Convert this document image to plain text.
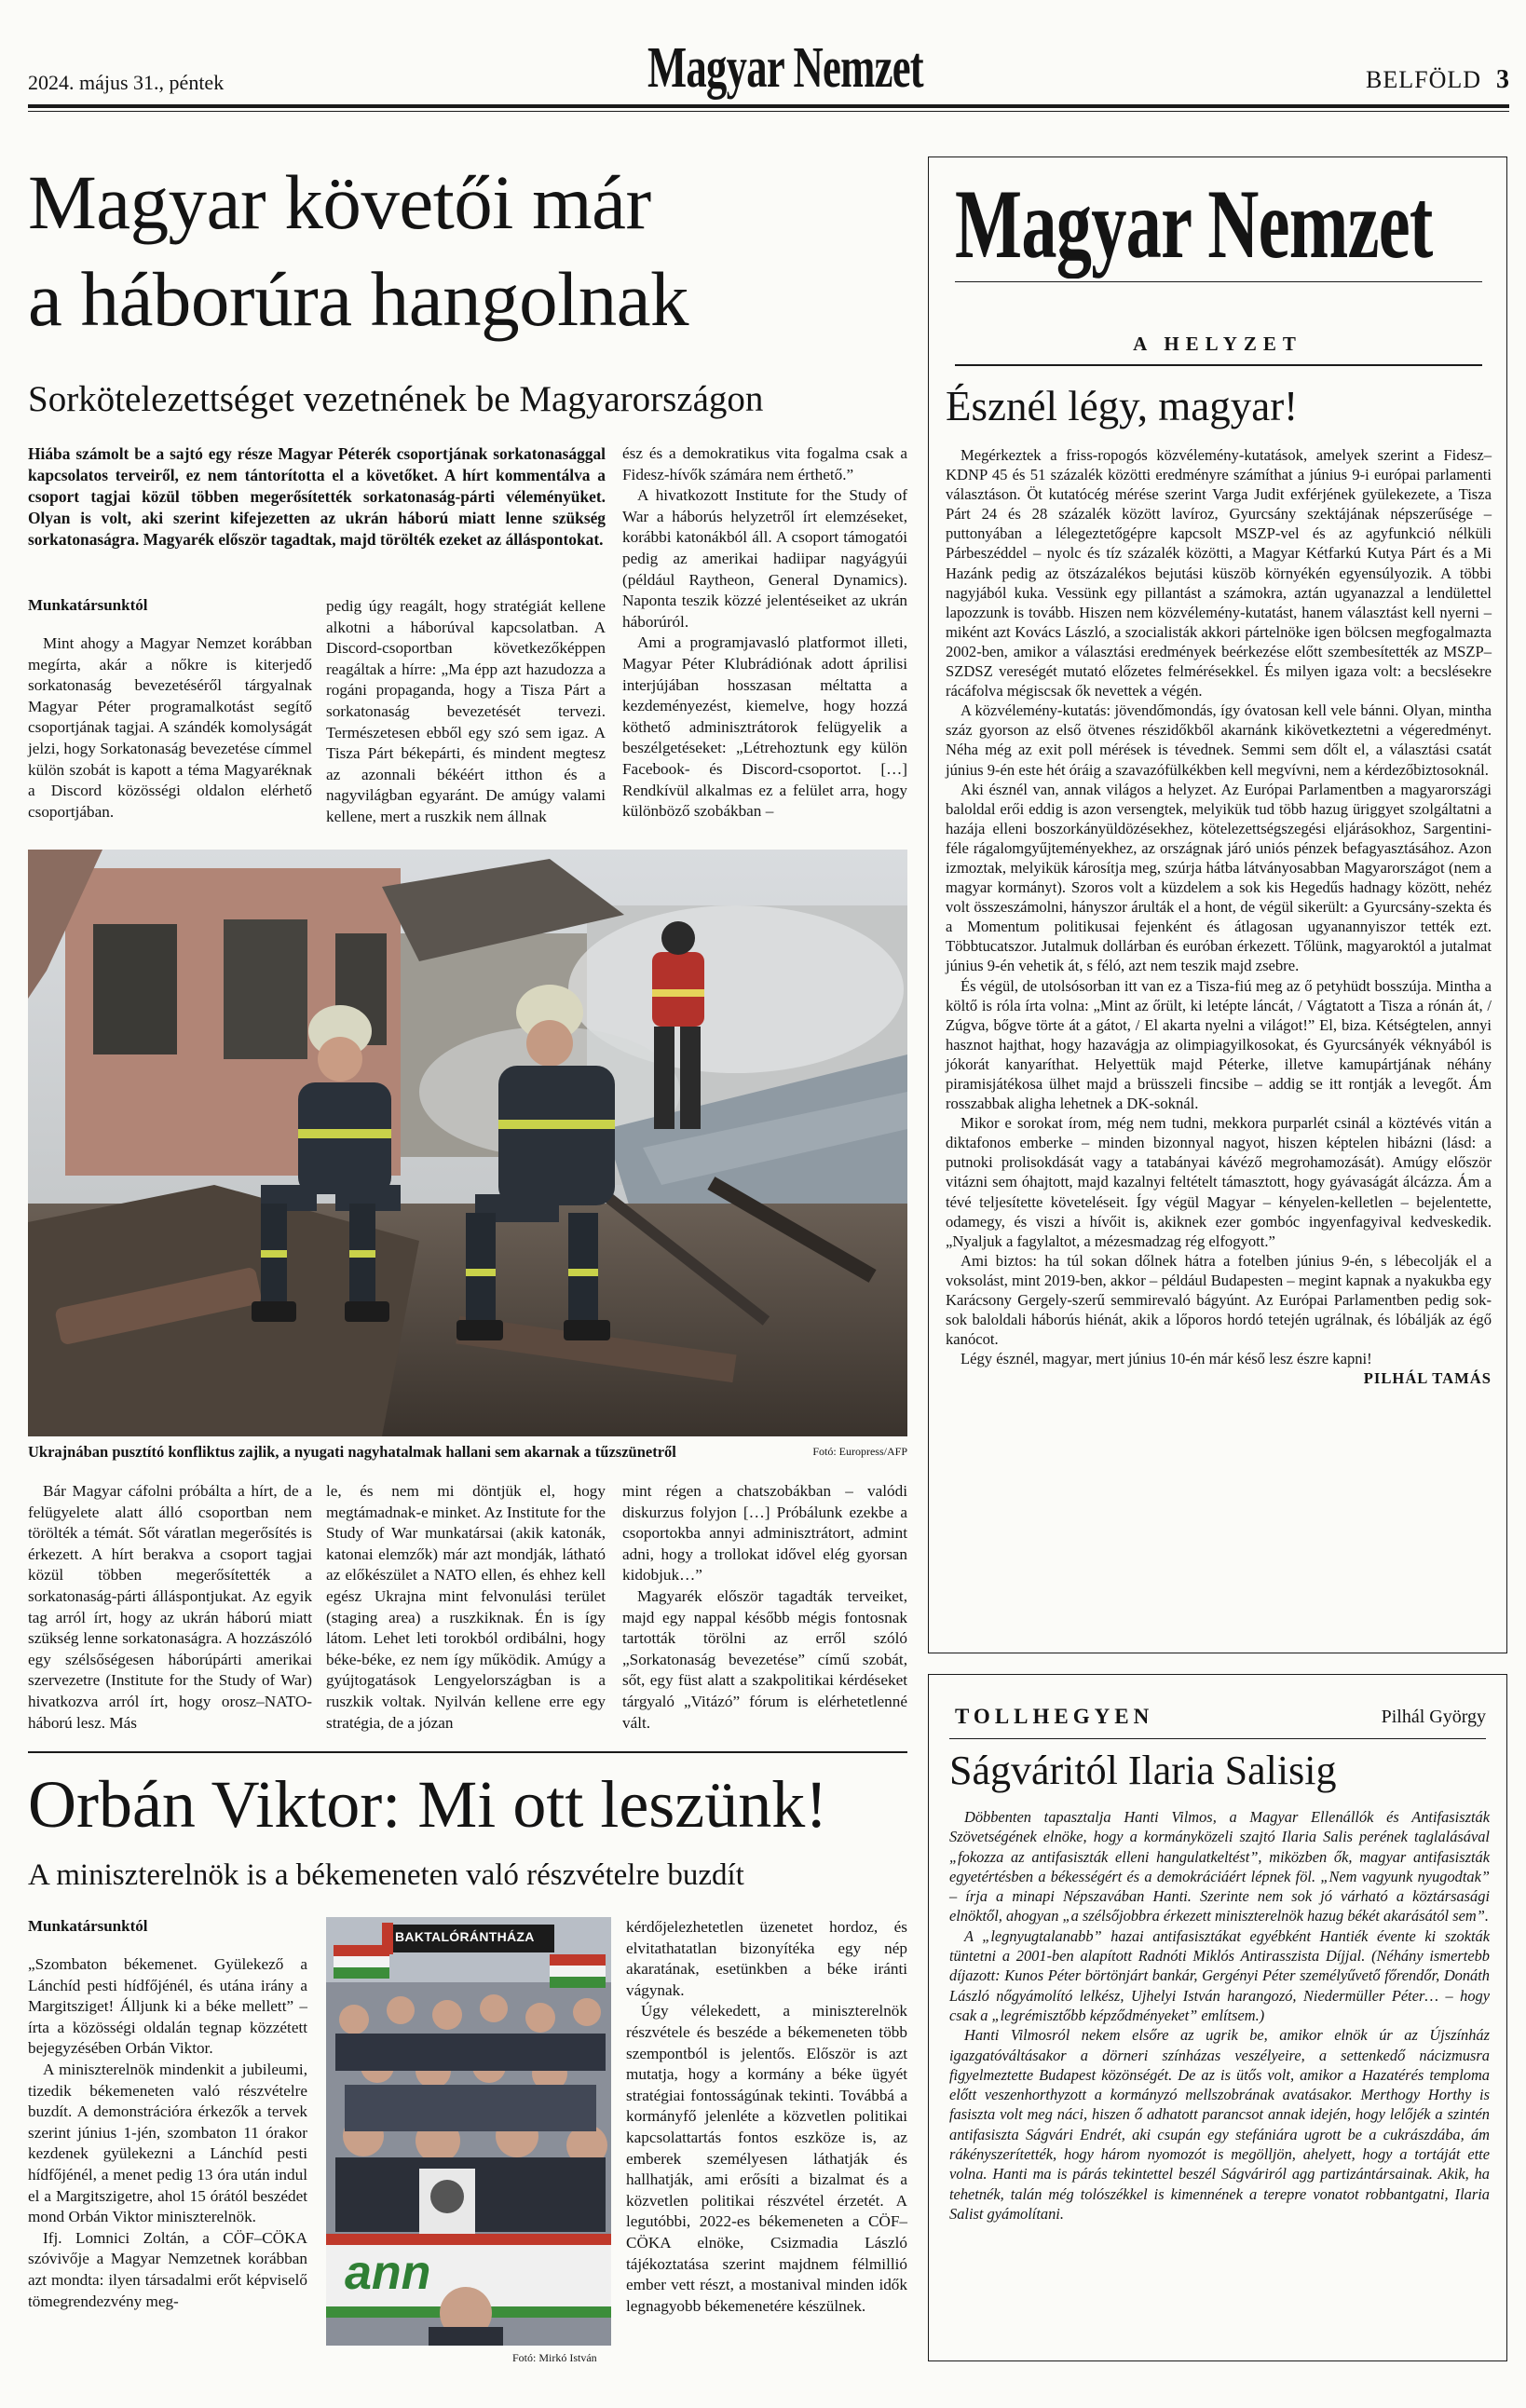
2024. május 31., péntek	Magyar Nemzet	BELFÖLD 3
Magyar követői már
a háborúra hangolnak
Sorkötelezettséget vezetnének be Magyarországon
Hiába számolt be a sajtó egy része Magyar Péterék csoportjának sorkatonasággal kapcsolatos terveiről, ez nem tántorította el a követőket. A hírt kommentálva a csoport tagjai közül többen megerősítették sorkatonaság-párti véleményüket. Olyan is volt, aki szerint kifejezetten az ukrán háború miatt lenne szükség sorkatonaságra. Magyarék először tagadtak, majd törölték ezeket az álláspontokat.
Munkatársunktól

Mint ahogy a Magyar Nemzet korábban megírta, akár a nőkre is kiterjedő sorkatonaság bevezetéséről tárgyalnak Magyar Péter programalkotást segítő csoportjának tagjai. A szándék komolyságát jelzi, hogy Sorkatonaság bevezetése címmel külön szobát is kapott a téma Magyaréknak a Discord közösségi oldalon elérhető csoportjában.

pedig úgy reagált, hogy stratégiát kellene alkotni a háborúval kapcsolatban. A Discord-csoportban következőképpen reagáltak a hírre: „Ma épp azt hazudozza a rogáni propaganda, hogy a Tisza Párt a sorkatonaság bevezetését tervezi. Természetesen ebből egy szó sem igaz. A Tisza Párt békepárti, és mindent megtesz az azonnali békéért itthon és a nagyvilágban egyaránt. De amúgy valami kellene, mert a ruszkik nem állnak

ész és a demokratikus vita fogalma csak a Fidesz-hívők számára nem érthető.”

A hivatkozott Institute for the Study of War a háborús helyzetről írt elemzéseket, korábbi katonákból áll. A csoport támogatói pedig az amerikai hadiipar nagyágyúi (például Raytheon, General Dynamics). Naponta teszik közzé jelentéseiket az ukrán háborúról.

Ami a programjavasló platformot illeti, Magyar Péter Klubrádiónak adott áprilisi interjújában hosszasan méltatta a kezdeményezést, kiemelve, hogy hozzá köthető adminisztrátorok felügyelik a beszélgetéseket: „Létrehoztunk egy külön Facebook- és Discord-csoportot. […] Rendkívül alkalmas ez a felület arra, hogy különböző szobákban –

Ukrajnában pusztító konfliktus zajlik, a nyugati nagyhatalmak hallani sem akarnak a tűzszünetről	Fotó: Europress/AFP

Bár Magyar cáfolni próbálta a hírt, de a felügyelete alatt álló csoportban nem törölték a témát. Sőt váratlan megerősítés is érkezett. A hírt berakva a csoport tagjai közül többen megerősítették a sorkatonaság-párti álláspontjukat. Az egyik tag arról írt, hogy az ukrán háború miatt szükség lenne sorkatonaságra. A hozzászóló egy szélsőségesen háborúpárti amerikai szervezetre (Institute for the Study of War) hivatkozva arról írt, hogy orosz–NATO-háború lesz. Más

le, és nem mi döntjük el, hogy megtámadnak-e minket. Az Institute for the Study of War munkatársai (akik katonák, katonai elemzők) már azt mondják, látható az előkészület a NATO ellen, és ehhez kell egész Ukrajna mint felvonulási terület (staging area) a ruszkiknak. Én is így látom. Lehet leti torokból ordibálni, hogy béke-béke, ez nem így működik. Amúgy a gyújtogatások Lengyelországban is a ruszkik voltak. Nyilván kellene erre egy stratégia, de a józan

mint régen a chatszobákban – valódi diskurzus folyjon […] Próbálunk ezekbe a csoportokba annyi adminisztrátort, admint adni, hogy a trollokat idővel elég gyorsan kidobjuk…”

Magyarék először tagadták terveiket, majd egy nappal később mégis fontosnak tartották törölni az erről szóló „Sorkatonaság bevezetése” című szobát, sőt, egy füst alatt a szakpolitikai kérdéseket tárgyaló „Vitázó” fórum is elérhetetlenné vált.

Orbán Viktor: Mi ott leszünk!
A miniszterelnök is a békemeneten való részvételre buzdít
Munkatársunktól

„Szombaton békemenet. Gyülekező a Lánchíd pesti hídfőjénél, és utána irány a Margitsziget! Álljunk ki a béke mellett” – írta a közösségi oldalán tegnap közzétett bejegyzésében Orbán Viktor.

A miniszterelnök mindenkit a jubileumi, tizedik békemeneten való részvételre buzdít. A demonstrációra érkezők a tervek szerint június 1-jén, szombaton 11 órakor kezdenek gyülekezni a Lánchíd pesti hídfőjénél, a menet pedig 13 óra után indul el a Margitszigetre, ahol 15 órától beszédet mond Orbán Viktor miniszterelnök.

Ifj. Lomnici Zoltán, a CÖF–CÖKA szóvivője a Magyar Nemzetnek korábban azt mondta: ilyen társadalmi erőt képviselő tömegrendezvény meg-

BAKTALÓRÁNTHÁZA
ann
Fotó: Mirkó István

kérdőjelezhetetlen üzenetet hordoz, és elvitathatatlan bizonyítéka egy nép akaratának, esetünkben a béke iránti vágynak.

Úgy vélekedett, a miniszterelnök részvétele és beszéde a békemeneten több szempontból is jelentős. Először is azt mutatja, hogy a kormány a béke ügyét stratégiai fontosságúnak tekinti. Továbbá a kormányfő jelenléte a közvetlen politikai kapcsolattartás fontos eszköze is, az emberek személyesen láthatják és hallhatják, ami erősíti a bizalmat és a közvetlen politikai részvétel érzetét. A legutóbbi, 2022-es békemeneten a CÖF–CÖKA elnöke, Csizmadia László tájékoztatása szerint majdnem félmillió ember vett részt, a mostanival minden idők legnagyobb békemenetére készülnek.

Magyar Nemzet
A HELYZET
Észnél légy, magyar!

Megérkeztek a friss-ropogós közvélemény-kutatások, amelyek szerint a Fidesz–KDNP 45 és 51 százalék közötti eredményre számíthat a június 9-i európai parlamenti választáson. Öt kutatócég mérése szerint Varga Judit exférjének gyülekezete, a Tisza Párt 24 és 28 százalék között lavíroz, Gyurcsány szektájának népszerűsége – puttonyában a lélegeztetőgépre kapcsolt MSZP-vel és az agyfunkció nélküli Párbeszéddel – nyolc és tíz százalék közötti, a Magyar Kétfarkú Kutya Párt és a Mi Hazánk pedig az ötszázalékos bejutási küszöb környékén egyensúlyozik. A többi nagyjából kuka. Vessünk egy pillantást a számokra, aztán ugyanazzal a lendülettel lapozzunk is tovább. Hiszen nem közvélemény-kutatást, hanem választást kell nyerni – miként azt Kovács László, a szocialisták akkori pártelnöke igen bölcsen megfogalmazta 2002-ben, amikor a választási eredmények beérkezése előtt szembesítették az MSZP–SZDSZ vereségét mutató előzetes felmérésekkel. És milyen igaza volt: a becslésekre rácáfolva mégiscsak ők nevettek a végén.

A közvélemény-kutatás: jövendőmondás, így óvatosan kell vele bánni. Olyan, mintha száz gyorson az első ötvenes részidőkből akarnánk kikövetkeztetni a végeredményt. Néha még az exit poll mérések is tévednek. Semmi sem dőlt el, a választási csatát június 9-én este hét óráig a szavazófülkékben kell megvívni, nem a kérdezőbiztosoknál.

Aki észnél van, annak világos a helyzet. Az Európai Parlamentben a magyarországi baloldal erői eddig is azon versengtek, melyikük tud több hazug üriggyet szolgáltatni a hazája elleni boszorkányüldözésekhez, kötelezettségszegési eljárásokhoz, Sargentini-féle rágalomgyűjteményekhez, az országnak járó uniós pénzek befagyasztásához. Azon izmoztak, melyikük károsítja meg, szúrja hátba látványosabban Magyarországot (nem a magyar kormányt). Szoros volt a küzdelem a sok kis Hegedűs hadnagy között, nehéz volt összeszámolni, hányszor árulták el a hont, de végül sikerült: a Gyurcsány-szekta és a Momentum politikusai fejenként és átlagosan ugyanannyiszor tették ezt. Többtucatszor. Jutalmuk dollárban és euróban érkezett. Tőlünk, magyaroktól a jutalmat június 9-én vehetik át, s féló, azt nem teszik majd zsebre.

És végül, de utolsósorban itt van ez a Tisza-fiú meg az ő petyhüdt bosszúja. Mintha a költő is róla írta volna: „Mint az őrült, ki letépte láncát, / Vágtatott a Tisza a rónán át, / Zúgva, bőgve törte át a gátot, / El akarta nyelni a világot!” El, biza. Kétségtelen, annyi hasznot hajthat, hogy hazavágja az olimpiagyilkosokat, és Gyurcsányék véknyából is jókorát kanyaríthat. Helyettük majd Péterke, illetve kamupártjának néhány piramisjátékosa ülhet majd a brüsszeli fincsibe – addig se itt rontják a levegőt. Ám rosszabbak aligha lehetnek a DK-soknál.

Mikor e sorokat írom, még nem tudni, mekkora purparlét csinál a köztévés vitán a diktafonos emberke – minden bizonnyal nagyot, hiszen képtelen hibázni (lásd: a putnoki prolisokdását vagy a tatabányai kávéző megrohamozását). Amúgy először vitázni sem óhajtott, majd kazalnyi feltételt támasztott, hogy gyávaságát álcázza. Ám a tévé teljesítette követeléseit. Így végül Magyar – kényelen-kelletlen – bejelentette, odamegy, és viszi a hívőit is, akiknek ezer gombóc ingyenfagyival kedveskedik. „Nyaljuk a fagylaltot, a mézesmadzag rég elfogyott.”

Ami biztos: ha túl sokan dőlnek hátra a fotelben június 9-én, s lébecolják el a voksolást, mint 2019-ben, akkor – például Budapesten – megint kapnak a nyakukba egy Karácsony Gergely-szerű semmirevaló bágyúnt. Az Európai Parlamentben pedig sok-sok baloldali háborús hiénát, akik a lőporos hordó tetején ugrálnak, és lóbálják az égő kanócot.

Légy észnél, magyar, mert június 10-én már késő lesz észre kapni!

PILHÁL TAMÁS
TOLLHEGYEN	Pilhál György
Ságváritól Ilaria Salisig

Döbbenten tapasztalja Hanti Vilmos, a Magyar Ellenállók és Antifasiszták Szövetségének elnöke, hogy a kormányközeli szajtó Ilaria Salis perének taglalásával „fokozza az antifasiszták elleni hangulatkeltést”, miközben ők, magyar antifasiszták egyetértésben a békességért és a demokráciáért lépnek föl. „Nem vagyunk nyugodtak” – írja a minapi Népszavában Hanti. Szerinte nem sok jó várható a köztársasági elnöktől, ahogyan „a szélsőjobbra érkezett miniszterelnök hazug békét akarásától sem”.

A „legnyugtalanabb” hazai antifasisztákat egyébként Hantiék évente ki szokták tüntetni a 2001-ben alapított Radnóti Miklós Antirasszista Díjjal. (Néhány ismertebb díjazott: Kunos Péter börtönjárt bankár, Gergényi Péter személyűvető főrendőr, Donáth László nőgyámolító lelkész, Ujhelyi István harangozó, Niedermüller Péter… – hogy csak a „legrémisztőbb képződményeket” említsem.)

Hanti Vilmosról nekem elsőre az ugrik be, amikor elnök úr az Újszínház igazgatóváltásakor a dörneri színházas veszélyeire, a settenkedő nácizmusra figyelmeztette Budapest közönségét. De az is ütős volt, amikor a Hazatérés temploma előtt veszenhorthyzott a kormányzó mellszobrának avatásakor. Merthogy Horthy is fasiszta volt meg náci, hiszen ő adhatott parancsot annak idején, hogy lelőjék a szintén antifasiszta Ságvári Endrét, aki csupán egy stefániára ugrott be a cukrászdába, ám rákényszerítették, hogy három nyomozót is megölljön, ahelyett, hogy a tortáját ette volna. Hanti ma is párás tekintettel beszél Ságváriról agg partizántársainak. Akik, ha tehetnék, talán még tolószékkel is kimennének a terepre vonatot robbantgatni, Ilaria Salist gyámolítani.
